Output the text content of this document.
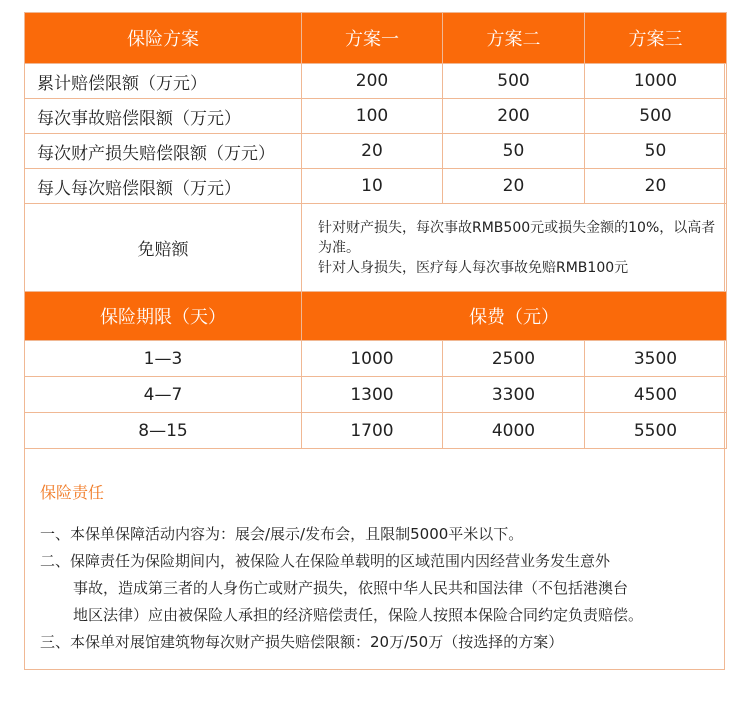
保险方案	方案一	方案二	方案三
累计赔偿限额（万元）	200	500	1000
每次事故赔偿限额（万元）	100	200	500
每次财产损失赔偿限额（万元）	20	50	50
每人每次赔偿限额（万元）	10	20	20
免赔额	针对财产损失，每次事故RMB500元或损失金额的10%，以高者为准。
针对人身损失，医疗每人每次事故免赔RMB100元		

保险期限（天）	保费（元）		
1—3	1000	2500	3500
4—7	1300	3300	4500
8—15	1700	4000	5500
保险责任

一、本保单保障活动内容为：展会/展示/发布会，且限制5000平米以下。

二、保障责任为保险期间内，被保险人在保险单载明的区域范围内因经营业务发生意外

事故，造成第三者的人身伤亡或财产损失，依照中华人民共和国法律（不包括港澳台

地区法律）应由被保险人承担的经济赔偿责任，保险人按照本保险合同约定负责赔偿。

三、本保单对展馆建筑物每次财产损失赔偿限额：20万/50万（按选择的方案）
